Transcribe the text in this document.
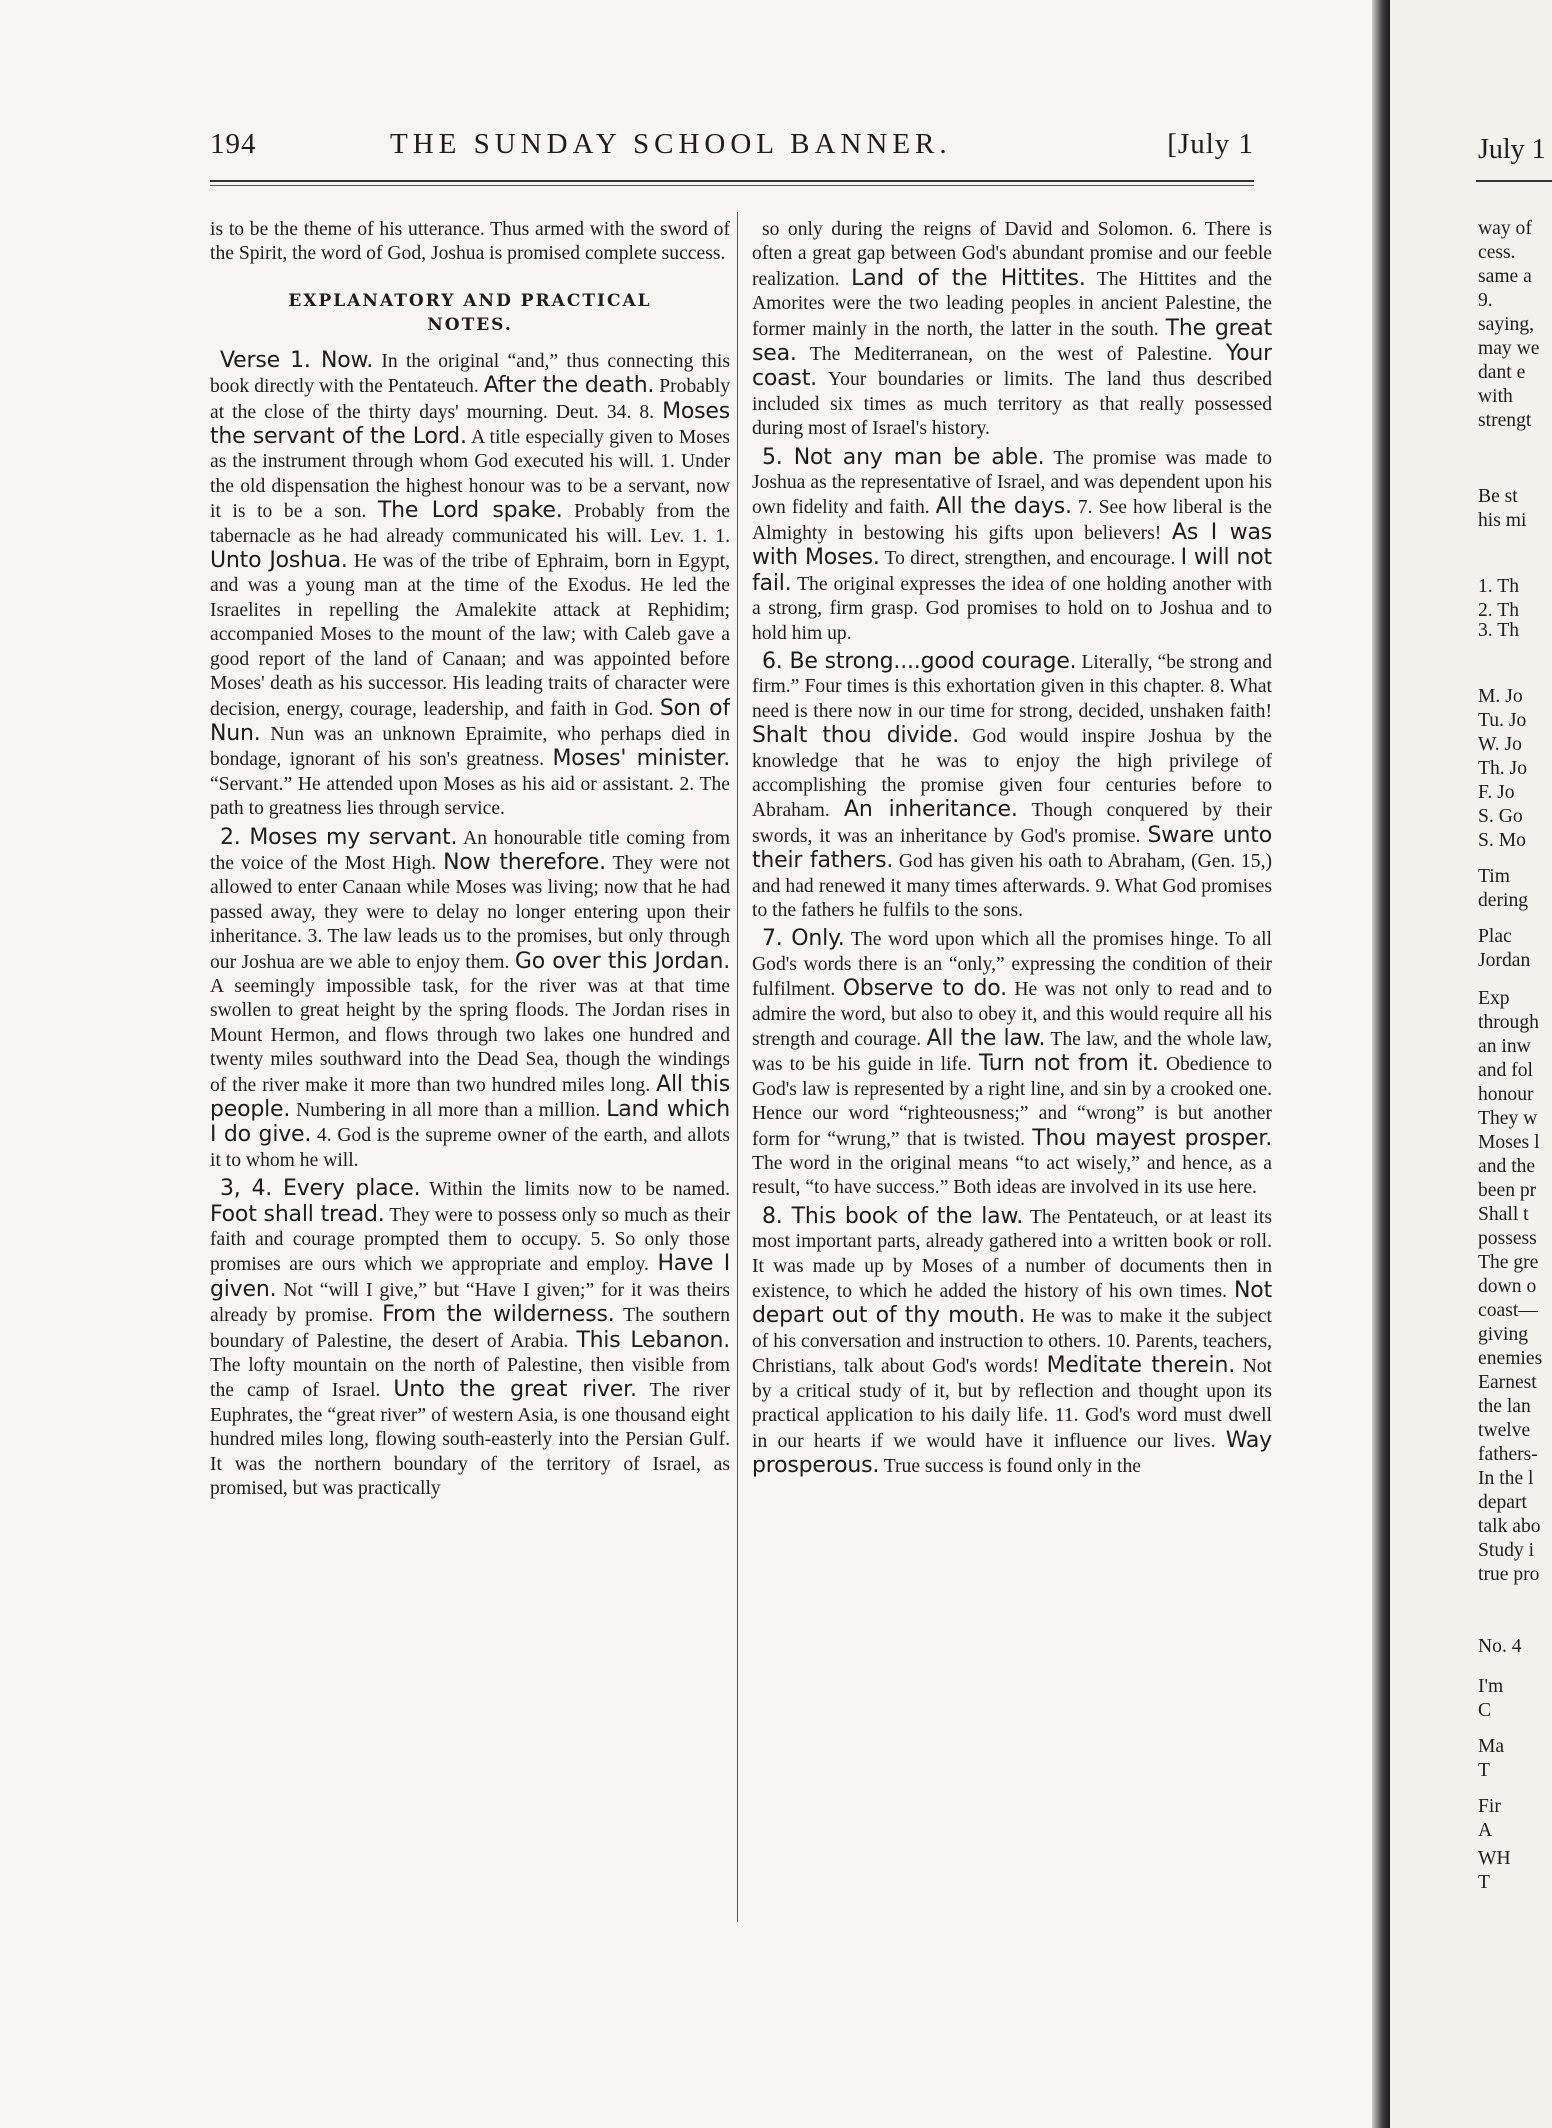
194	THE SUNDAY SCHOOL BANNER.	[July 1

is to be the theme of his utterance. Thus armed with the sword of the Spirit, the word of God, Joshua is promised complete success.

EXPLANATORY AND PRACTICAL
NOTES.

Verse 1. Now. In the original “and,” thus connecting this book directly with the Pentateuch. After the death. Probably at the close of the thirty days' mourning. Deut. 34. 8. Moses the servant of the Lord. A title especially given to Moses as the instrument through whom God executed his will. 1. Under the old dispensation the highest honour was to be a servant, now it is to be a son. The Lord spake. Probably from the tabernacle as he had already communicated his will. Lev. 1. 1. Unto Joshua. He was of the tribe of Ephraim, born in Egypt, and was a young man at the time of the Exodus. He led the Israelites in repelling the Amalekite attack at Rephidim; accompanied Moses to the mount of the law; with Caleb gave a good report of the land of Canaan; and was appointed before Moses' death as his successor. His leading traits of character were decision, energy, courage, leadership, and faith in God. Son of Nun. Nun was an unknown Epraimite, who perhaps died in bondage, ignorant of his son's greatness. Moses' minister. “Servant.” He attended upon Moses as his aid or assistant. 2. The path to greatness lies through service.

2. Moses my servant. An honourable title coming from the voice of the Most High. Now therefore. They were not allowed to enter Canaan while Moses was living; now that he had passed away, they were to delay no longer entering upon their inheritance. 3. The law leads us to the promises, but only through our Joshua are we able to enjoy them. Go over this Jordan. A seemingly impossible task, for the river was at that time swollen to great height by the spring floods. The Jordan rises in Mount Hermon, and flows through two lakes one hundred and twenty miles southward into the Dead Sea, though the windings of the river make it more than two hundred miles long. All this people. Numbering in all more than a million. Land which I do give. 4. God is the supreme owner of the earth, and allots it to whom he will.

3, 4. Every place. Within the limits now to be named. Foot shall tread. They were to possess only so much as their faith and courage prompted them to occupy. 5. So only those promises are ours which we appropriate and employ. Have I given. Not “will I give,” but “Have I given;” for it was theirs already by promise. From the wilderness. The southern boundary of Palestine, the desert of Arabia. This Lebanon. The lofty mountain on the north of Palestine, then visible from the camp of Israel. Unto the great river. The river Euphrates, the “great river” of western Asia, is one thousand eight hundred miles long, flowing south-easterly into the Persian Gulf. It was the northern boundary of the territory of Israel, as promised, but was practically

so only during the reigns of David and Solomon. 6. There is often a great gap between God's abundant promise and our feeble realization. Land of the Hittites. The Hittites and the Amorites were the two leading peoples in ancient Palestine, the former mainly in the north, the latter in the south. The great sea. The Mediterranean, on the west of Palestine. Your coast. Your boundaries or limits. The land thus described included six times as much territory as that really possessed during most of Israel's history.

5. Not any man be able. The promise was made to Joshua as the representative of Israel, and was dependent upon his own fidelity and faith. All the days. 7. See how liberal is the Almighty in bestowing his gifts upon believers! As I was with Moses. To direct, strengthen, and encourage. I will not fail. The original expresses the idea of one holding another with a strong, firm grasp. God promises to hold on to Joshua and to hold him up.

6. Be strong....good courage. Literally, “be strong and firm.” Four times is this exhortation given in this chapter. 8. What need is there now in our time for strong, decided, unshaken faith! Shalt thou divide. God would inspire Joshua by the knowledge that he was to enjoy the high privilege of accomplishing the promise given four centuries before to Abraham. An inheritance. Though conquered by their swords, it was an inheritance by God's promise. Sware unto their fathers. God has given his oath to Abraham, (Gen. 15,) and had renewed it many times afterwards. 9. What God promises to the fathers he fulfils to the sons.

7. Only. The word upon which all the promises hinge. To all God's words there is an “only,” expressing the condition of their fulfilment. Observe to do. He was not only to read and to admire the word, but also to obey it, and this would require all his strength and courage. All the law. The law, and the whole law, was to be his guide in life. Turn not from it. Obedience to God's law is represented by a right line, and sin by a crooked one. Hence our word “righteousness;” and “wrong” is but another form for “wrung,” that is twisted. Thou mayest prosper. The word in the original means “to act wisely,” and hence, as a result, “to have success.” Both ideas are involved in its use here.

8. This book of the law. The Pentateuch, or at least its most important parts, already gathered into a written book or roll. It was made up by Moses of a number of documents then in existence, to which he added the history of his own times. Not depart out of thy mouth. He was to make it the subject of his conversation and instruction to others. 10. Parents, teachers, Christians, talk about God's words! Meditate therein. Not by a critical study of it, but by reflection and thought upon its practical application to his daily life. 11. God's word must dwell in our hearts if we would have it influence our lives. Way prosperous. True success is found only in the

July 1
way of
cess.
same a
9.
saying,
may we
dant e
with
strengt
Be st
his mi
1. Th
2. Th
3. Th
M. Jo
Tu. Jo
W. Jo
Th. Jo
F. Jo
S. Go
S. Mo
Tim
dering
Plac
Jordan
Exp
through
an inw
and fol
honour
They w
Moses l
and the
been pr
Shall t
possess
The gre
down o
coast—
giving
enemies
Earnest
the lan
twelve
fathers-
In the l
depart
talk abo
Study i
true pro
No. 4
I'm
C
Ma
T
Fir
A
WH
T
